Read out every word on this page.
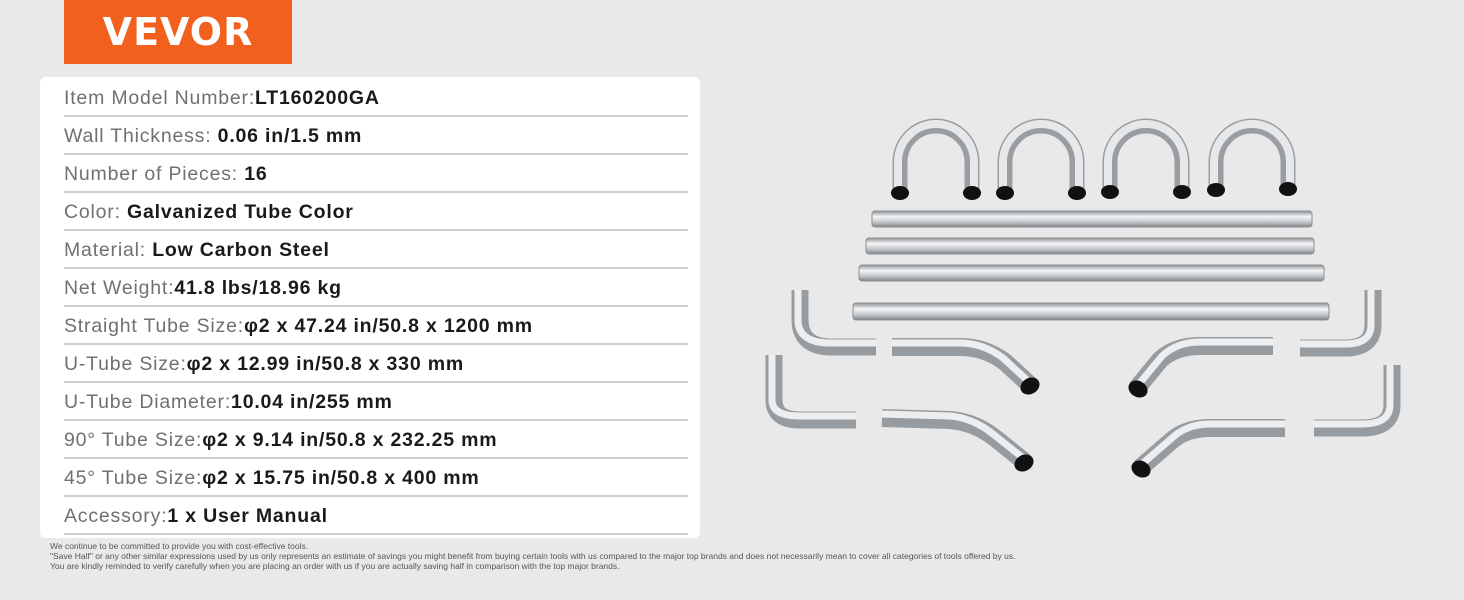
VEVOR
Item Model Number:LT160200GA
Wall Thickness: 0.06 in/1.5 mm
Number of Pieces: 16
Color: Galvanized Tube Color
Material: Low Carbon Steel
Net Weight:41.8 lbs/18.96 kg
Straight Tube Size:φ2 x 47.24 in/50.8 x 1200 mm
U-Tube Size:φ2 x 12.99 in/50.8 x 330 mm
U-Tube Diameter:10.04 in/255 mm
90° Tube Size:φ2 x 9.14 in/50.8 x 232.25 mm
45° Tube Size:φ2 x 15.75 in/50.8 x 400 mm
Accessory:1 x User Manual
We continue to be committed to provide you with cost-effective tools.
"Save Half" or any other similar expressions used by us only represents an estimate of savings you might benefit from buying certain tools with us compared to the major top brands and does not necessarily mean to cover all categories of tools offered by us.
You are kindly reminded to verify carefully when you are placing an order with us if you are actually saving half in comparison with the top major brands.
